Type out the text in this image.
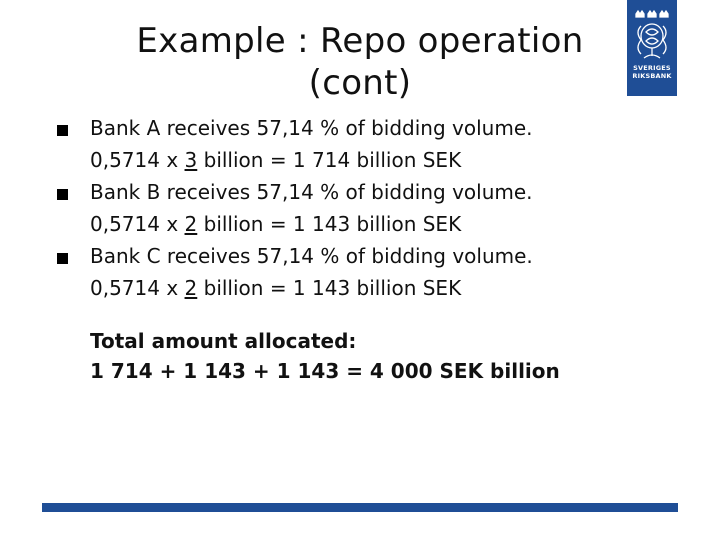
Example : Repo operation
(cont)	SVERIGES
RIKSBANK
Bank A receives 57,14 % of bidding volume.
0,5714 x 3 billion = 1 714 billion SEK
Bank B receives 57,14 % of bidding volume.
0,5714 x 2 billion = 1 143 billion SEK
Bank C receives 57,14 % of bidding volume.
0,5714 x 2 billion = 1 143 billion SEK
Total amount allocated:
1 714 + 1 143 + 1 143 = 4 000 SEK billion
